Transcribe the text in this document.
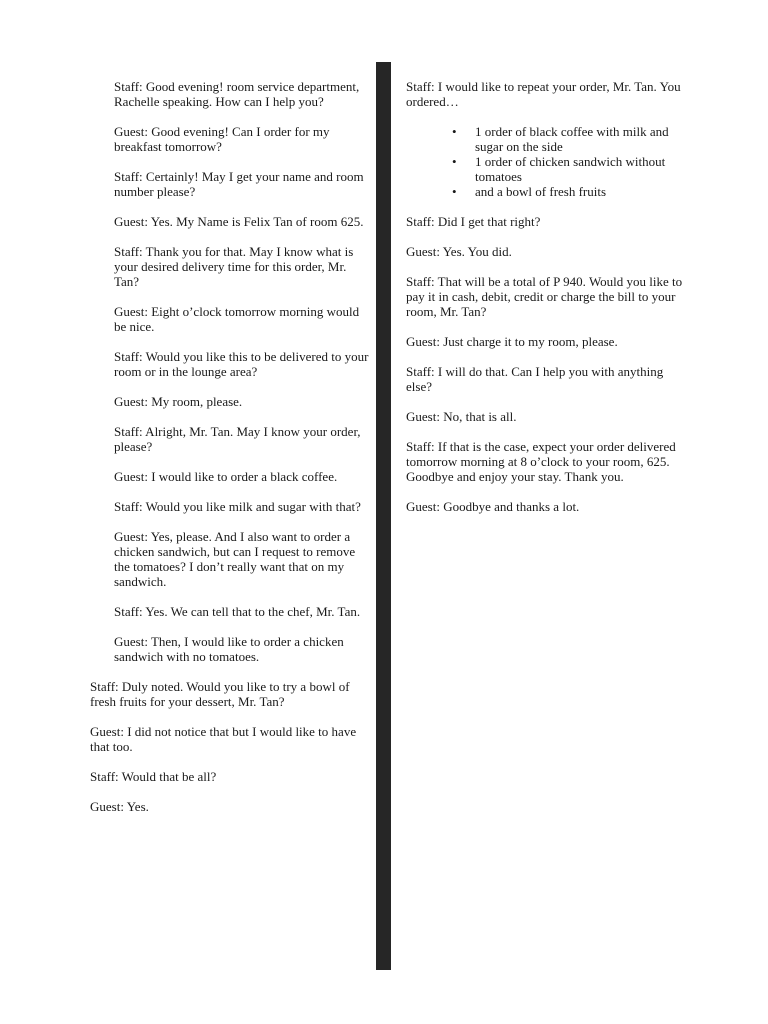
Staff: Good evening! room service department, Rachelle speaking. How can I help you?

Guest: Good evening! Can I order for my breakfast tomorrow?

Staff: Certainly! May I get your name and room number please?

Guest: Yes. My Name is Felix Tan of room 625.

Staff: Thank you for that. May I know what is your desired delivery time for this order, Mr. Tan?

Guest: Eight o’clock tomorrow morning would be nice.

Staff: Would you like this to be delivered to your room or in the lounge area?

Guest: My room, please.

Staff: Alright, Mr. Tan. May I know your order, please?

Guest: I would like to order a black coffee.

Staff: Would you like milk and sugar with that?

Guest: Yes, please. And I also want to order a chicken sandwich, but can I request to remove the tomatoes? I don’t really want that on my sandwich.

Staff: Yes. We can tell that to the chef, Mr. Tan.

Guest: Then, I would like to order a chicken sandwich with no tomatoes.

Staff: Duly noted. Would you like to try a bowl of fresh fruits for your dessert, Mr. Tan?

Guest: I did not notice that but I would like to have that too.

Staff: Would that be all?

Guest: Yes.

Staff: I would like to repeat your order, Mr. Tan. You ordered…

• 1 order of black coffee with milk and sugar on the side
• 1 order of chicken sandwich without tomatoes
• and a bowl of fresh fruits

Staff: Did I get that right?

Guest: Yes. You did.

Staff: That will be a total of P 940. Would you like to pay it in cash, debit, credit or charge the bill to your room, Mr. Tan?

Guest: Just charge it to my room, please.

Staff: I will do that. Can I help you with anything else?

Guest: No, that is all.

Staff: If that is the case, expect your order delivered tomorrow morning at 8 o’clock to your room, 625. Goodbye and enjoy your stay. Thank you.

Guest: Goodbye and thanks a lot.
